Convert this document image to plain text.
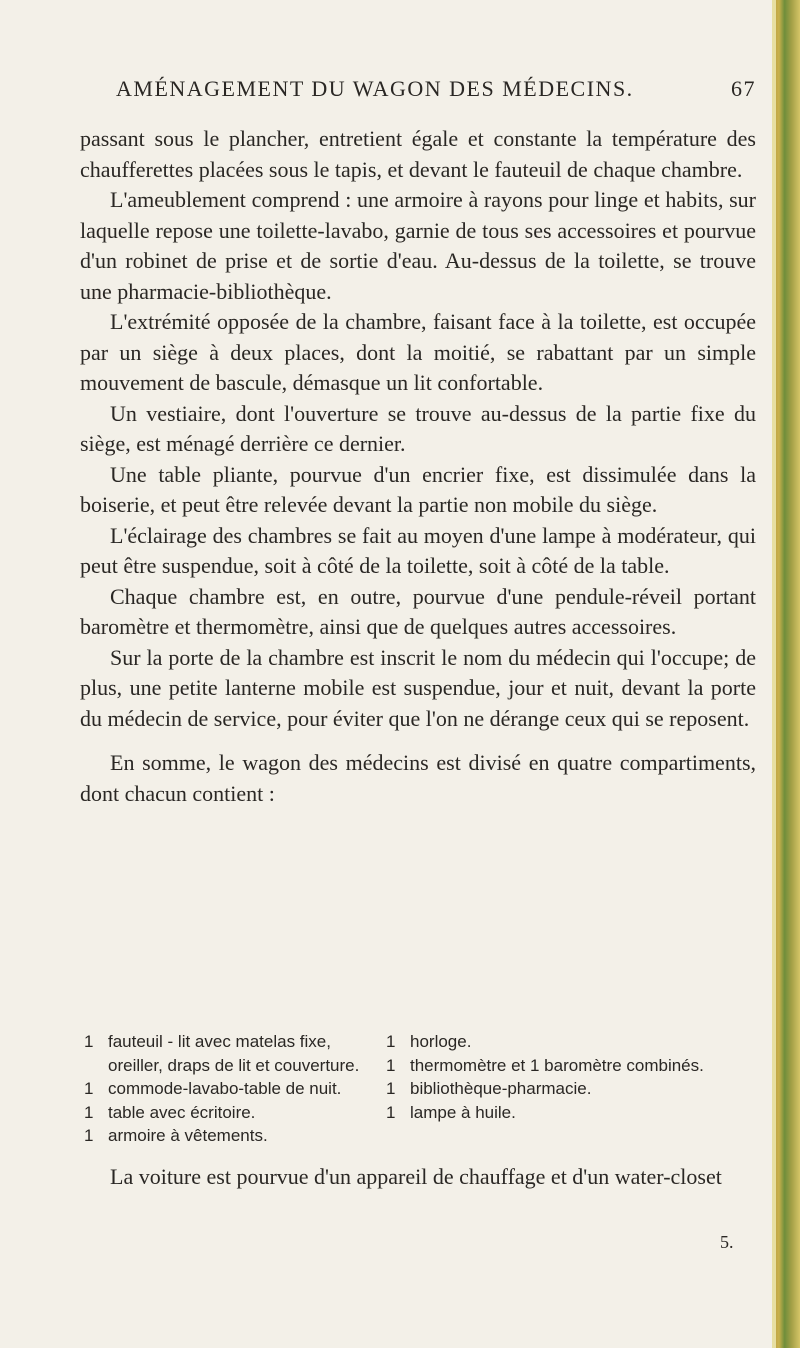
AMÉNAGEMENT DU WAGON DES MÉDECINS.	67

passant sous le plancher, entretient égale et constante la température des chaufferettes placées sous le tapis, et devant le fauteuil de chaque chambre.

L'ameublement comprend : une armoire à rayons pour linge et habits, sur laquelle repose une toilette-lavabo, garnie de tous ses accessoires et pourvue d'un robinet de prise et de sortie d'eau. Au-dessus de la toilette, se trouve une pharmacie-bibliothèque.

L'extrémité opposée de la chambre, faisant face à la toilette, est occupée par un siège à deux places, dont la moitié, se rabattant par un simple mouvement de bascule, démasque un lit confortable.

Un vestiaire, dont l'ouverture se trouve au-dessus de la partie fixe du siège, est ménagé derrière ce dernier.

Une table pliante, pourvue d'un encrier fixe, est dissimulée dans la boiserie, et peut être relevée devant la partie non mobile du siège.

L'éclairage des chambres se fait au moyen d'une lampe à modérateur, qui peut être suspendue, soit à côté de la toilette, soit à côté de la table.

Chaque chambre est, en outre, pourvue d'une pendule-réveil portant baromètre et thermomètre, ainsi que de quelques autres accessoires.

Sur la porte de la chambre est inscrit le nom du médecin qui l'occupe; de plus, une petite lanterne mobile est suspendue, jour et nuit, devant la porte du médecin de service, pour éviter que l'on ne dérange ceux qui se reposent.

En somme, le wagon des médecins est divisé en quatre compartiments, dont chacun contient :

1 fauteuil - lit avec matelas fixe, oreiller, draps de lit et couverture.
1 commode-lavabo-table de nuit.
1 table avec écritoire.
1 armoire à vêtements.
1 horloge.
1 thermomètre et 1 baromètre combinés.
1 bibliothèque-pharmacie.
1 lampe à huile.

La voiture est pourvue d'un appareil de chauffage et d'un water-closet

5.
